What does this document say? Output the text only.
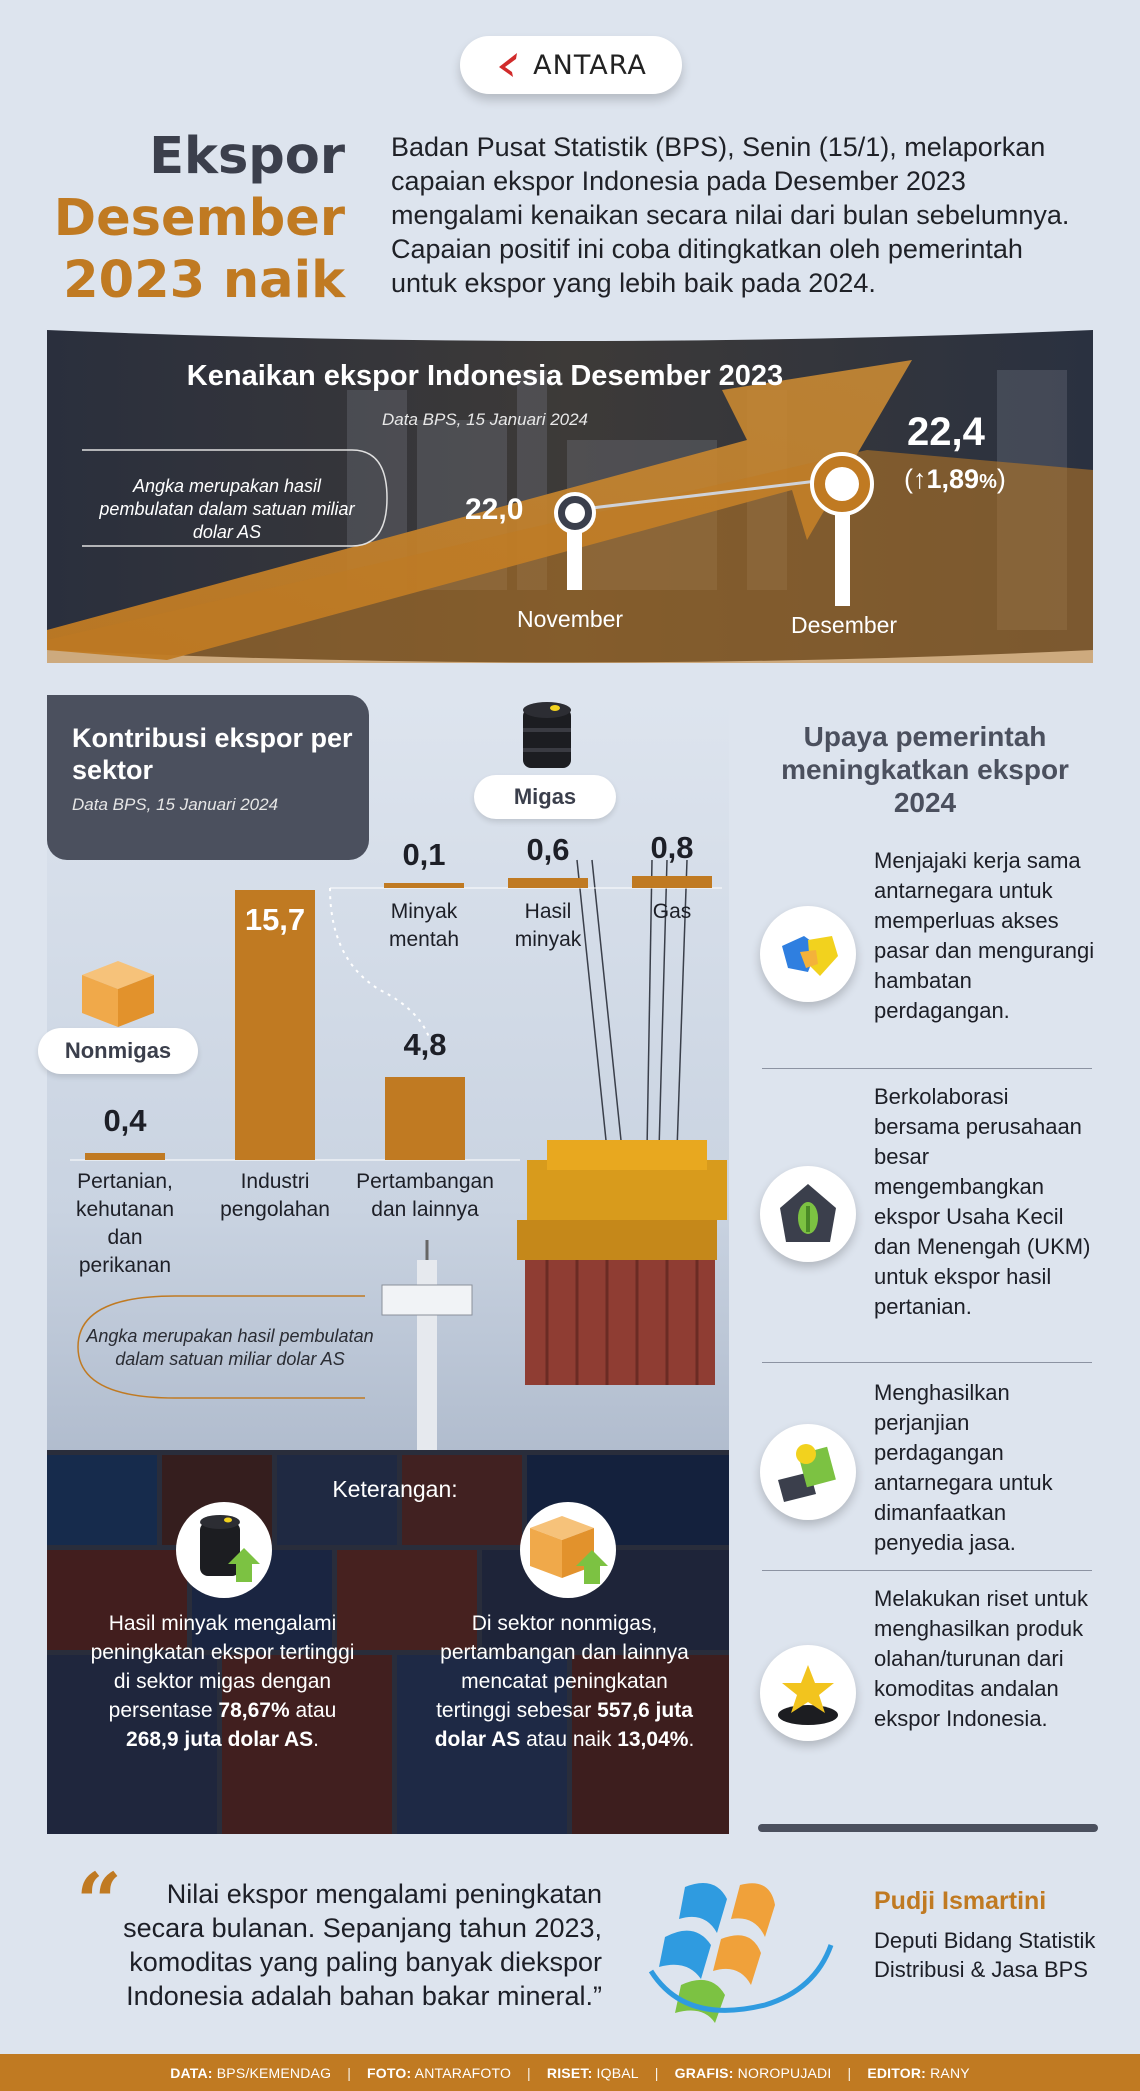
ANTARA
Ekspor
Desember
2023 naik
Badan Pusat Statistik (BPS), Senin (15/1), melaporkan capaian ekspor Indonesia pada Desember 2023 mengalami kenaikan secara nilai dari bulan sebelumnya. Capaian positif ini coba ditingkatkan oleh pemerintah untuk ekspor yang lebih baik pada 2024.
Kenaikan ekspor Indonesia Desember 2023
Data BPS, 15 Januari 2024
Angka merupakan hasil pembulatan dalam satuan miliar dolar AS
22,0
22,4
(↑1,89%)
November	Desember
Kontribusi ekspor per sektor
Data BPS, 15 Januari 2024	Migas
Nonmigas
0,4
Pertanian, kehutanan dan perikanan
15,7
Industri pengolahan
4,8
Pertambangan dan lainnya
0,1
Minyak mentah
0,6
Hasil minyak
0,8
Gas
Angka merupakan hasil pembulatan dalam satuan miliar dolar AS
Keterangan:
Hasil minyak mengalami peningkatan ekspor tertinggi di sektor migas dengan persentase 78,67% atau 268,9 juta dolar AS.
Di sektor nonmigas, pertambangan dan lainnya mencatat peningkatan tertinggi sebesar 557,6 juta dolar AS atau naik 13,04%.
Upaya pemerintah meningkatkan ekspor 2024
Menjajaki kerja sama antarnegara untuk memperluas akses pasar dan mengurangi hambatan perdagangan.
Berkolaborasi bersama perusahaan besar mengembangkan ekspor Usaha Kecil dan Menengah (UKM) untuk ekspor hasil pertanian.
Menghasilkan perjanjian perdagangan antarnegara untuk dimanfaatkan penyedia jasa.
Melakukan riset untuk menghasilkan produk olahan/turunan dari komoditas andalan ekspor Indonesia.
“	Nilai ekspor mengalami peningkatan secara bulanan. Sepanjang tahun 2023, komoditas yang paling banyak diekspor Indonesia adalah bahan bakar mineral.”
Pudji Ismartini
Deputi Bidang Statistik Distribusi & Jasa BPS
DATA: BPS/KEMENDAG | FOTO: ANTARAFOTO | RISET: IQBAL | GRAFIS: NOROPUJADI | EDITOR: RANY
